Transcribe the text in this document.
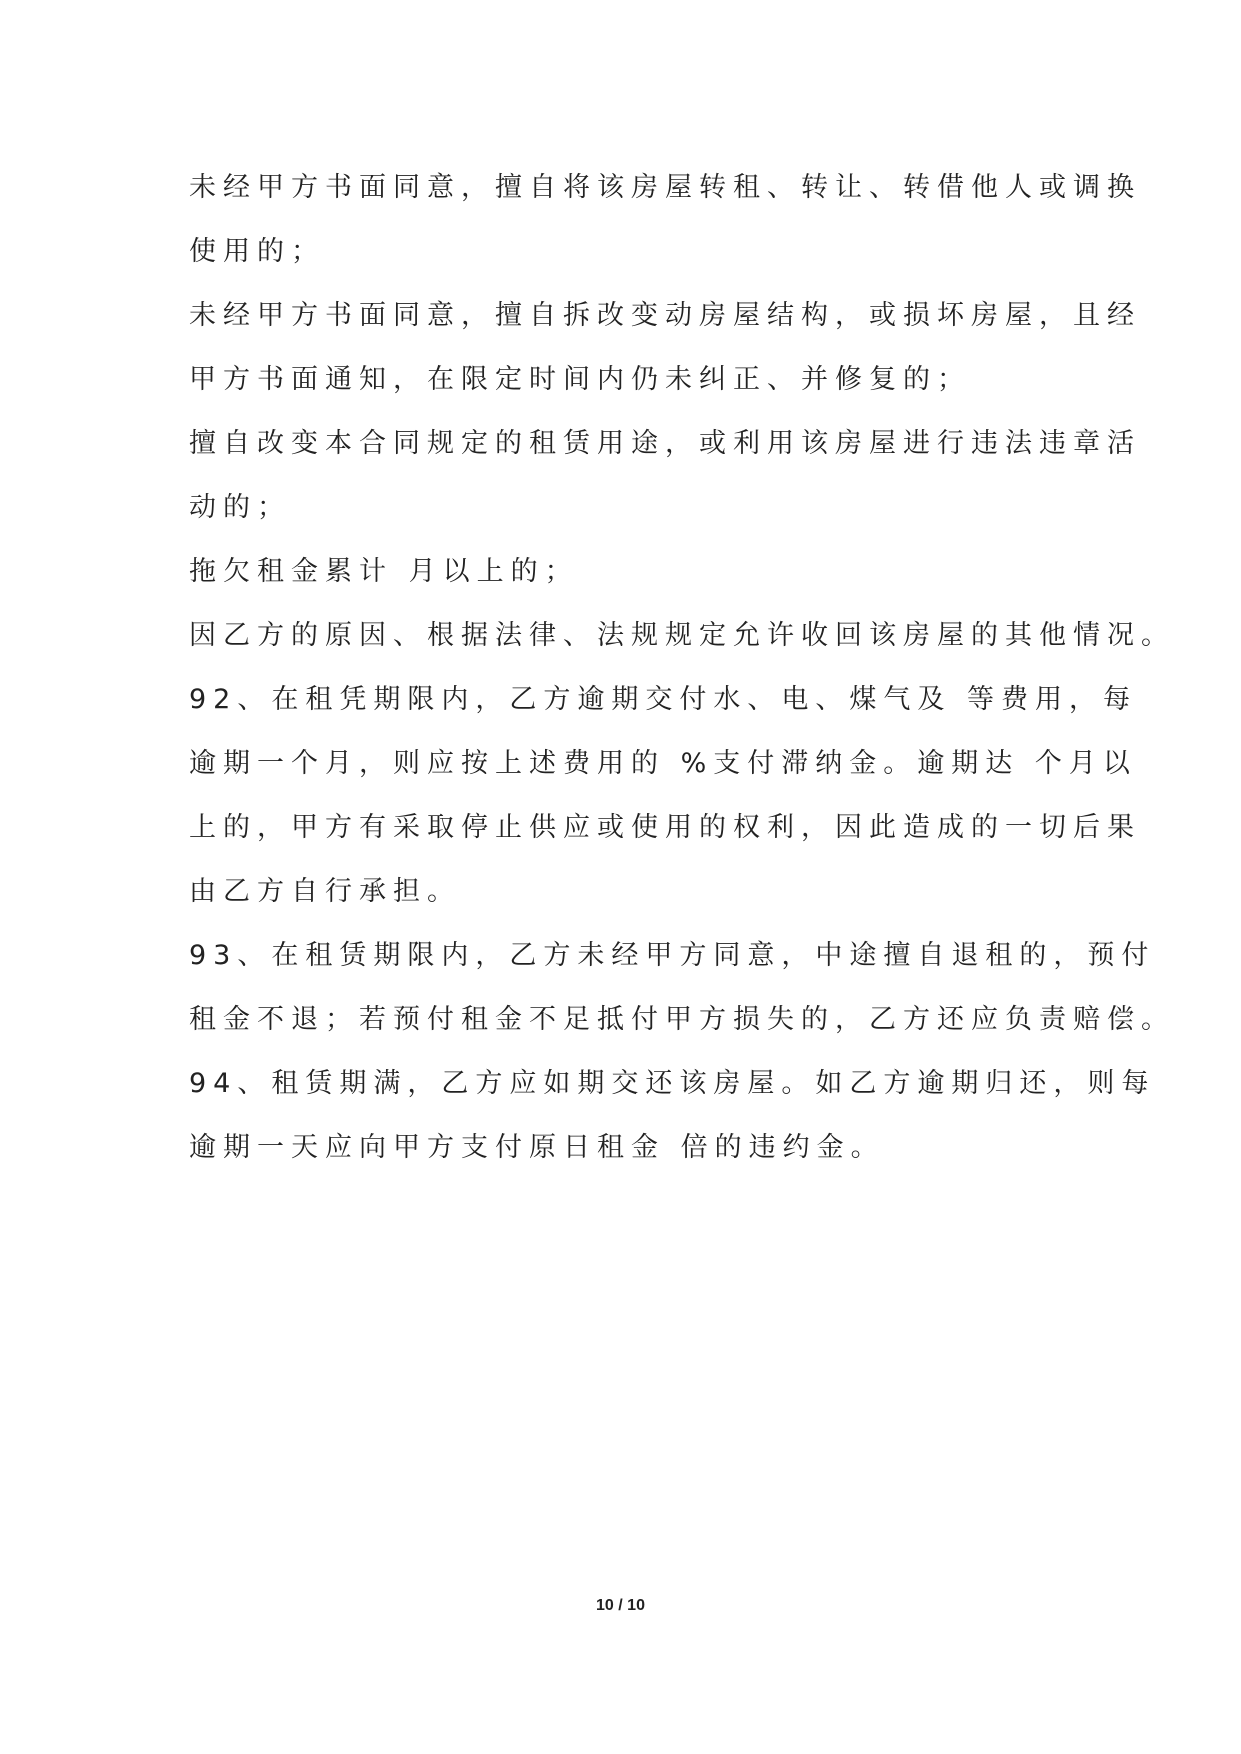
未经甲方书面同意，擅自将该房屋转租、转让、转借他人或调换
使用的；
未经甲方书面同意，擅自拆改变动房屋结构，或损坏房屋，且经
甲方书面通知，在限定时间内仍未纠正、并修复的；
擅自改变本合同规定的租赁用途，或利用该房屋进行违法违章活
动的；
拖欠租金累计 月以上的；
因乙方的原因、根据法律、法规规定允许收回该房屋的其他情况。
92、在租凭期限内，乙方逾期交付水、电、煤气及 等费用，每
逾期一个月，则应按上述费用的 %支付滞纳金。逾期达 个月以
上的，甲方有采取停止供应或使用的权利，因此造成的一切后果
由乙方自行承担。
93、在租赁期限内，乙方未经甲方同意，中途擅自退租的，预付
租金不退；若预付租金不足抵付甲方损失的，乙方还应负责赔偿。
94、租赁期满，乙方应如期交还该房屋。如乙方逾期归还，则每
逾期一天应向甲方支付原日租金 倍的违约金。
10 / 10
